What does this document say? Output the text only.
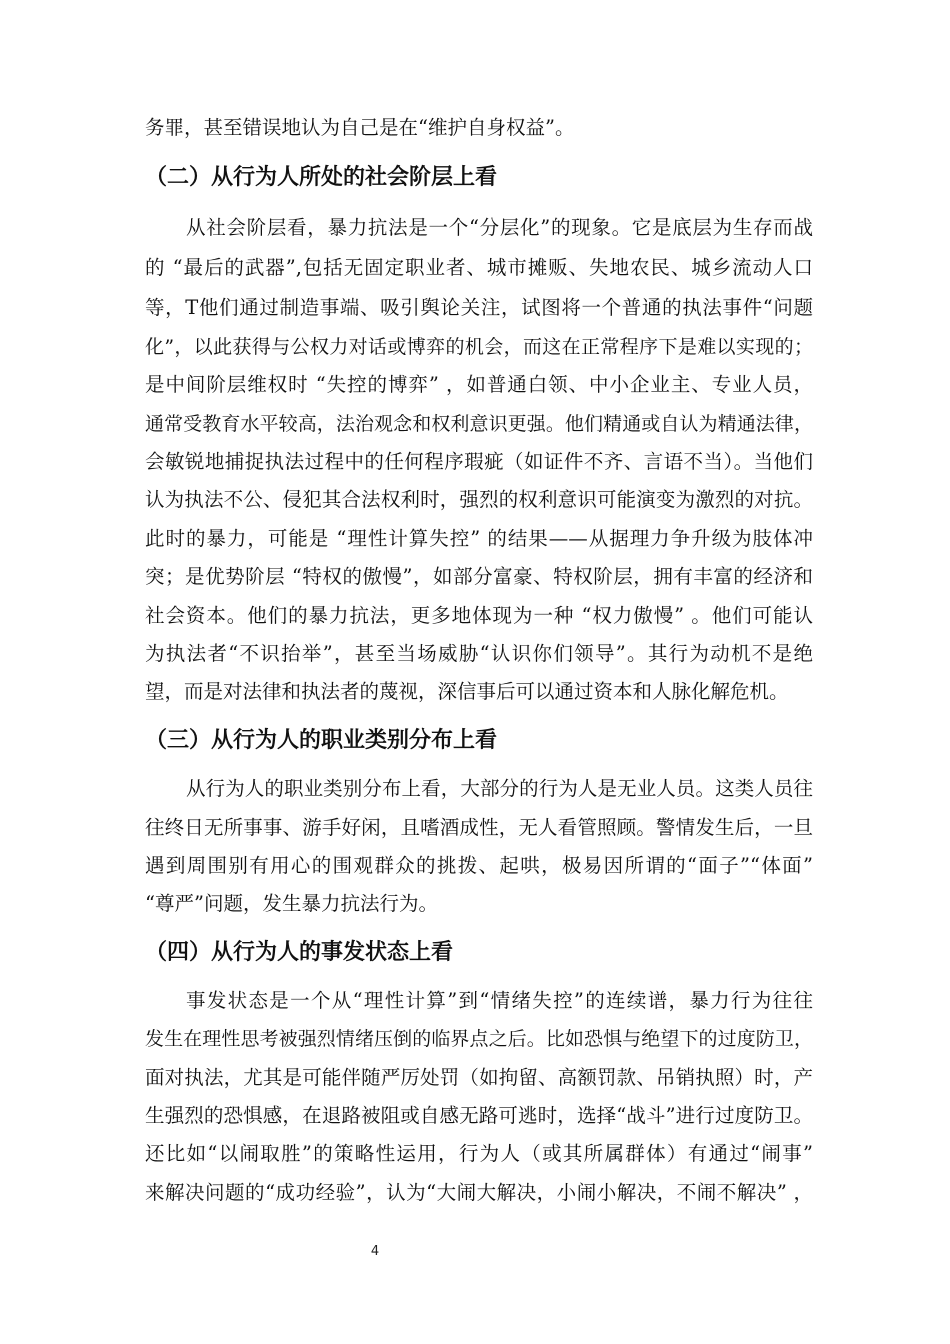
务罪，甚至错误地认为自己是在“维护自身权益”。
（二）从行为人所处的社会阶层上看
从社会阶层看，暴力抗法是一个“分层化”的现象。它是底层为生存而战
的 “最后的武器”,包括无固定职业者、城市摊贩、失地农民、城乡流动人口
等，T他们通过制造事端、吸引舆论关注，试图将一个普通的执法事件“问题
化”，以此获得与公权力对话或博弈的机会，而这在正常程序下是难以实现的；
是中间阶层维权时 “失控的博弈” ，如普通白领、中小企业主、专业人员，
通常受教育水平较高，法治观念和权利意识更强。他们精通或自认为精通法律，
会敏锐地捕捉执法过程中的任何程序瑕疵（如证件不齐、言语不当）。当他们
认为执法不公、侵犯其合法权利时，强烈的权利意识可能演变为激烈的对抗。
此时的暴力，可能是 “理性计算失控” 的结果——从据理力争升级为肢体冲
突；是优势阶层 “特权的傲慢”，如部分富豪、特权阶层，拥有丰富的经济和
社会资本。他们的暴力抗法，更多地体现为一种 “权力傲慢” 。他们可能认
为执法者“不识抬举”，甚至当场威胁“认识你们领导”。其行为动机不是绝
望，而是对法律和执法者的蔑视，深信事后可以通过资本和人脉化解危机。
（三）从行为人的职业类别分布上看
从行为人的职业类别分布上看，大部分的行为人是无业人员。这类人员往
往终日无所事事、游手好闲，且嗜酒成性，无人看管照顾。警情发生后，一旦
遇到周围别有用心的围观群众的挑拨、起哄，极易因所谓的“面子”“体面”
“尊严”问题，发生暴力抗法行为。
（四）从行为人的事发状态上看
事发状态是一个从“理性计算”到“情绪失控”的连续谱，暴力行为往往
发生在理性思考被强烈情绪压倒的临界点之后。比如恐惧与绝望下的过度防卫，
面对执法，尤其是可能伴随严厉处罚（如拘留、高额罚款、吊销执照）时，产
生强烈的恐惧感，在退路被阻或自感无路可逃时，选择“战斗”进行过度防卫。
还比如“以闹取胜”的策略性运用，行为人（或其所属群体）有通过“闹事”
来解决问题的“成功经验”，认为“大闹大解决，小闹小解决，不闹不解决” ，
4
